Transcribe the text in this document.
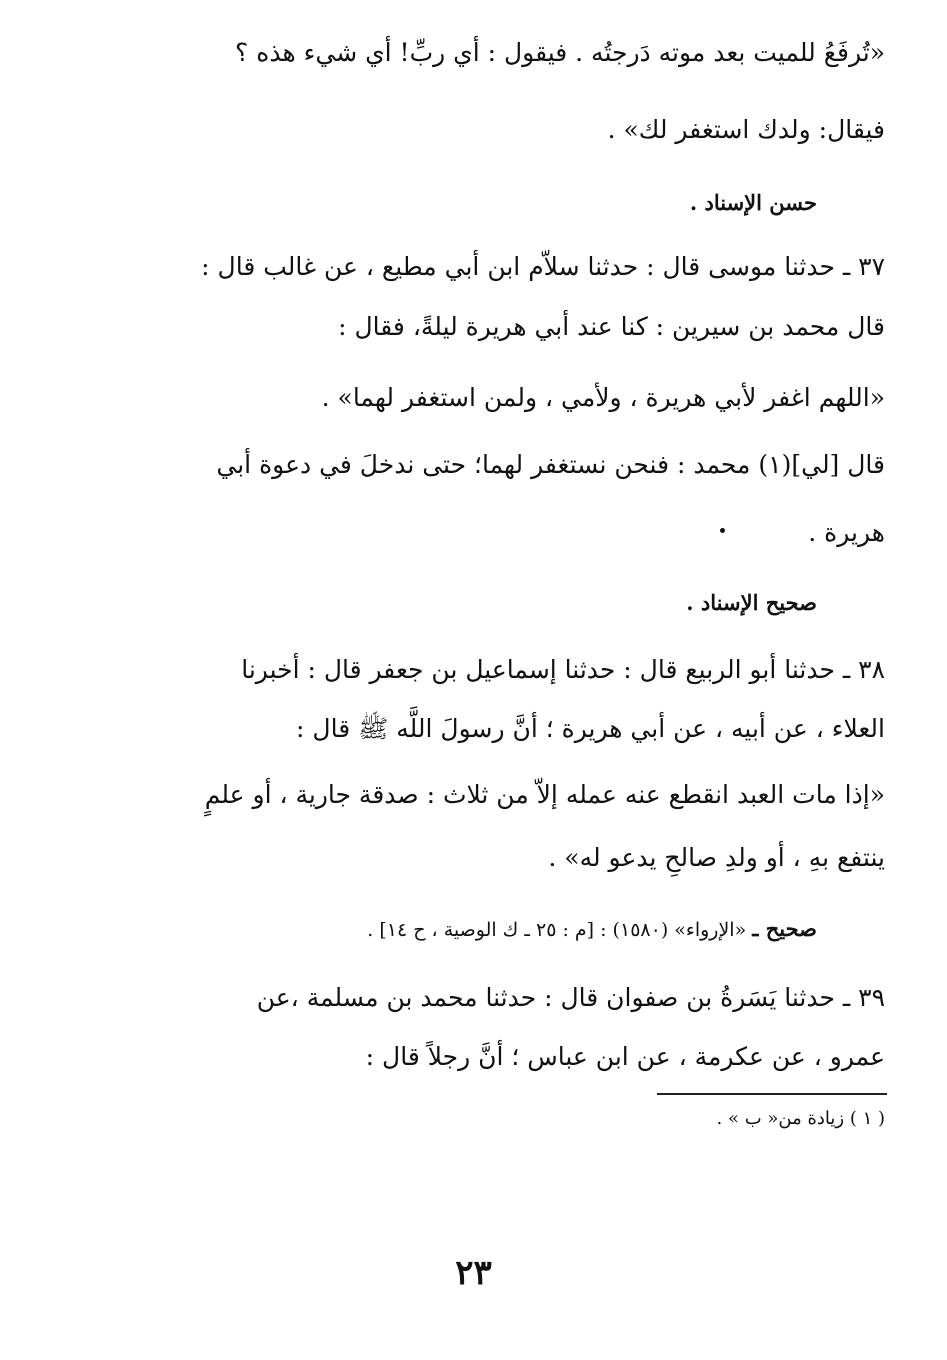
«تُرفَعُ للميت بعد موته دَرجتُه . فيقول : أي ربِّ! أي شيء هذه ؟
فيقال: ولدك استغفر لك» .
حسن الإسناد .
٣٧ ـ حدثنا موسى قال : حدثنا سلاّم ابن أبي مطيع ، عن غالب قال :
قال محمد بن سيرين : كنا عند أبي هريرة ليلةً، فقال :
«اللهم اغفر لأبي هريرة ، ولأمي ، ولمن استغفر لهما» .
قال [لي](١) محمد : فنحن نستغفر لهما؛ حتى ندخلَ في دعوة أبي
هريرة .
صحيح الإسناد .
٣٨ ـ حدثنا أبو الربيع قال : حدثنا إسماعيل بن جعفر قال : أخبرنا
العلاء ، عن أبيه ، عن أبي هريرة ؛ أنَّ رسولَ اللَّه ﷺ قال :
«إذا مات العبد انقطع عنه عمله إلاّ من ثلاث : صدقة جارية ، أو علمٍ
ينتفع بهِ ، أو ولدِ صالحِ يدعو له» .
صحيح ـ «الإرواء» (١٥٨٠) : [م : ٢٥ ـ ك الوصية ، ح ١٤] .
٣٩ ـ حدثنا يَسَرةُ بن صفوان قال : حدثنا محمد بن مسلمة ،عن
عمرو ، عن عكرمة ، عن ابن عباس ؛ أنَّ رجلاً قال :
( ١ ) زيادة من« ب » .
٢٣
